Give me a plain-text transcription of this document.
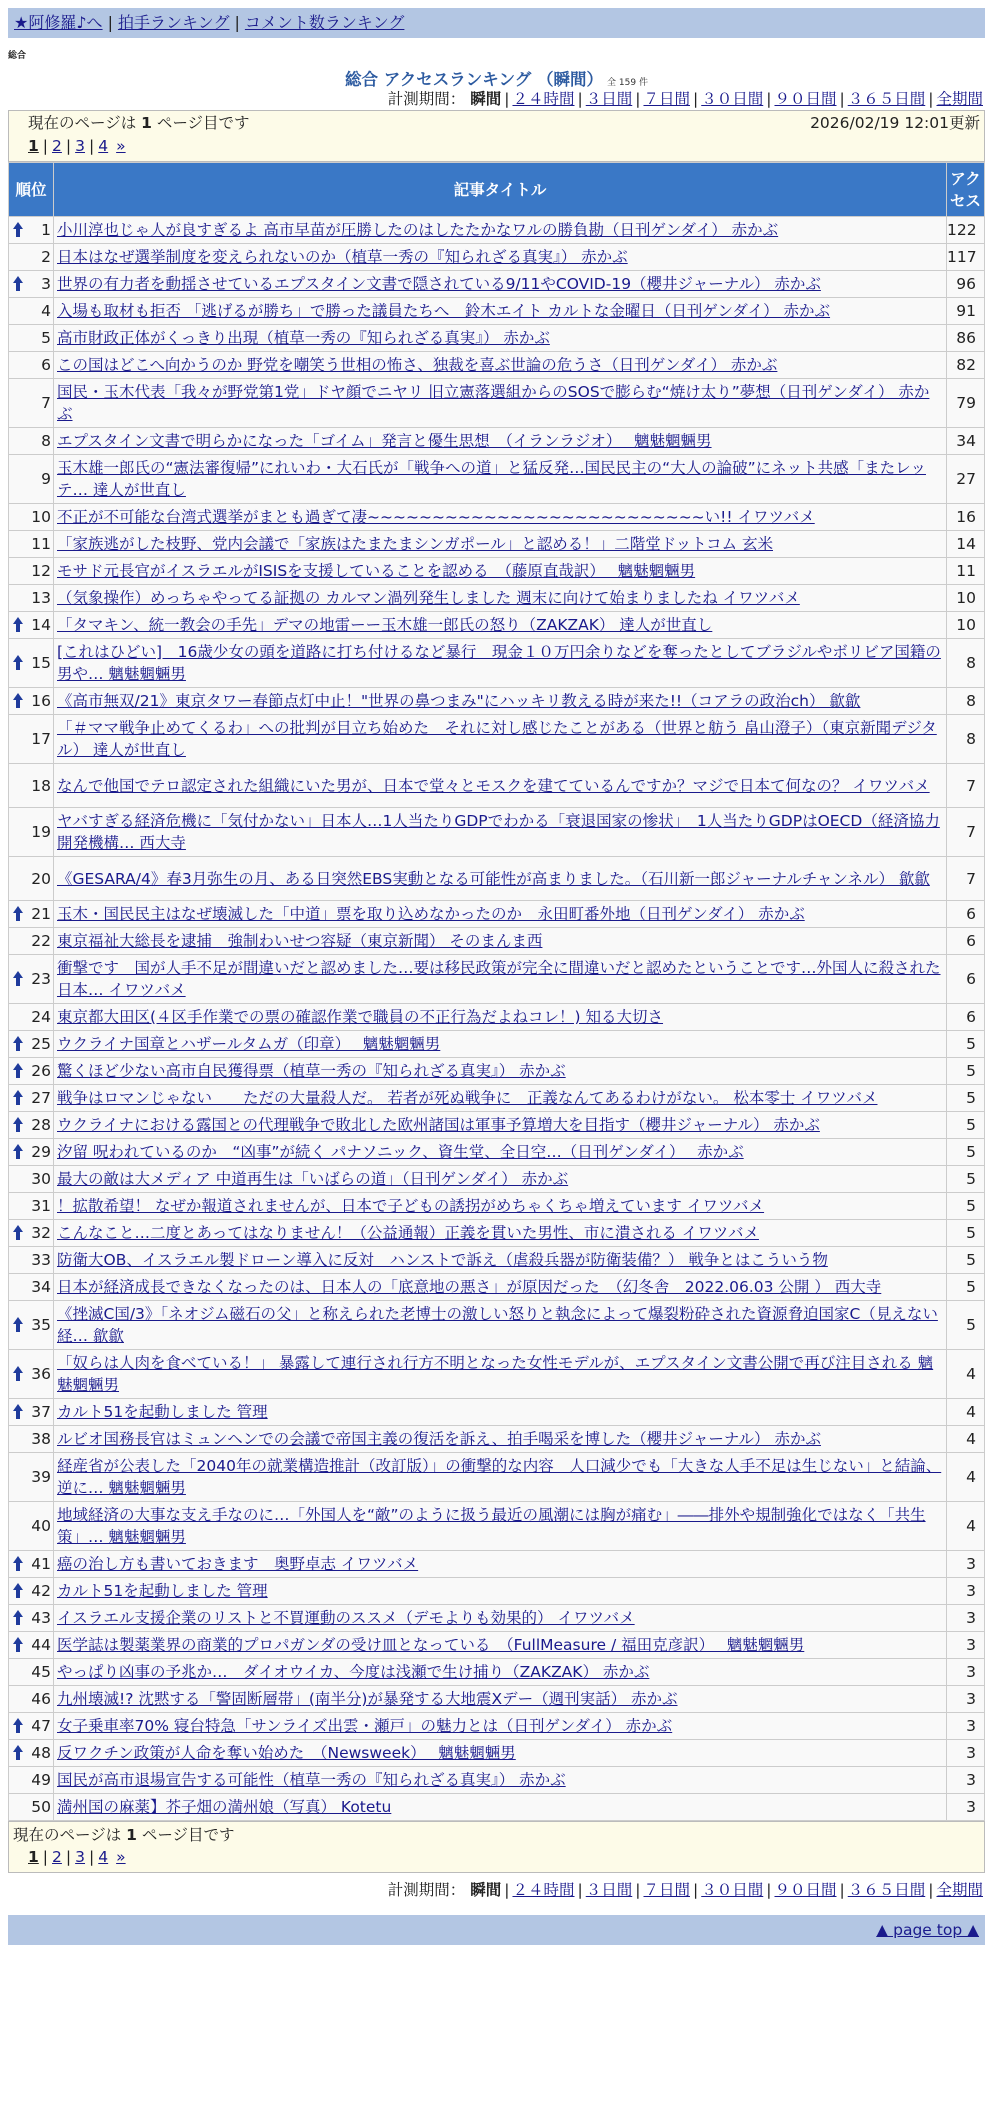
★阿修羅♪へ | 拍手ランキング | コメント数ランキング
総合
総合 アクセスランキング （瞬間） 全 159 件
計測期間： 瞬間 | ２４時間 | ３日間 | ７日間 | ３０日間 | ９０日間 | ３６５日間 | 全期間
現在のページは 1 ページ目です	2026/02/19 12:01更新
1 | 2 | 3 | 4 »
順位	記事タイトル	アクセス

1	小川淳也じゃ人が良すぎるよ 高市早苗が圧勝したのはしたたかなワルの勝負勘（日刊ゲンダイ） 赤かぶ	122
2	日本はなぜ選挙制度を変えられないのか（植草一秀の『知られざる真実』） 赤かぶ	117

3	世界の有力者を動揺させているエプスタイン文書で隠されている9/11やCOVID-19（櫻井ジャーナル） 赤かぶ	96
4	入場も取材も拒否 「逃げるが勝ち」で勝った議員たちへ　鈴木エイト カルトな金曜日（日刊ゲンダイ） 赤かぶ	91
5	高市財政正体がくっきり出現（植草一秀の『知られざる真実』） 赤かぶ	86
6	この国はどこへ向かうのか 野党を嘲笑う世相の怖さ、独裁を喜ぶ世論の危うさ（日刊ゲンダイ） 赤かぶ	82
7	国民・玉木代表「我々が野党第1党」ドヤ顔でニヤリ 旧立憲落選組からのSOSで膨らむ“焼け太り”夢想（日刊ゲンダイ） 赤かぶ	79
8	エプスタイン文書で明らかになった「ゴイム」発言と優生思想　（イランラジオ）　 魑魅魍魎男	34
9	玉木雄一郎氏の“憲法審復帰”にれいわ・大石氏が「戦争への道」と猛反発…国民民主の“大人の論破”にネット共感「またレッテ… 達人が世直し	27
10	不正が不可能な台湾式選挙がまとも過ぎて凄~~~~~~~~~~~~~~~~~~~~~~~~~~い!! イワツバメ	16
11	「家族逃がした枝野、党内会議で「家族はたまたまシンガポール」と認める！」二階堂ドットコム 玄米	14
12	モサド元長官がイスラエルがISISを支援していることを認める　（藤原直哉訳）　 魑魅魍魎男	11
13	（気象操作）めっちゃやってる証拠の カルマン渦列発生しました 週末に向けて始まりましたね イワツバメ	10

14	「タマキン、統一教会の手先」デマの地雷ーー玉木雄一郎氏の怒り（ZAKZAK） 達人が世直し	10

15	[これはひどい]　16歳少女の頭を道路に打ち付けるなど暴行　現金１０万円余りなどを奪ったとしてブラジルやボリビア国籍の男や… 魑魅魍魎男	8

16	《高市無双/21》東京タワー春節点灯中止！"世界の鼻つまみ"にハッキリ教える時が来た!!（コアラの政治ch） 歙歙	8
17	「＃ママ戦争止めてくるわ」への批判が目立ち始めた　それに対し感じたことがある（世界と舫う 畠山澄子）（東京新聞デジタル） 達人が世直し	8
18	なんで他国でテロ認定された組織にいた男が、日本で堂々とモスクを建てているんですか？マジで日本て何なの？ イワツバメ	7
19	ヤバすぎる経済危機に「気付かない」日本人…1人当たりGDPでわかる「衰退国家の惨状」　1人当たりGDPはOECD（経済協力開発機構… 西大寺	7
20	《GESARA/4》春3月弥生の月、ある日突然EBS実動となる可能性が高まりました。（石川新一郎ジャーナルチャンネル） 歙歙	7

21	玉木・国民民主はなぜ壊滅した「中道」票を取り込めなかったのか　永田町番外地（日刊ゲンダイ） 赤かぶ	6
22	東京福祉大総長を逮捕　強制わいせつ容疑（東京新聞） そのまんま西	6

23	衝撃です　国が人手不足が間違いだと認めました…要は移民政策が完全に間違いだと認めたということです…外国人に殺された日本… イワツバメ	6
24	東京都大田区(４区手作業での票の確認作業で職員の不正行為だよねコレ！) 知る大切さ	6

25	ウクライナ国章とハザールタムガ（印章）　 魑魅魍魎男	5

26	驚くほど少ない高市自民獲得票（植草一秀の『知られざる真実』） 赤かぶ	5

27	戦争はロマンじゃない　　ただの大量殺人だ。 若者が死ぬ戦争に　正義なんてあるわけがない。 松本零士 イワツバメ	5

28	ウクライナにおける露国との代理戦争で敗北した欧州諸国は軍事予算増大を目指す（櫻井ジャーナル） 赤かぶ	5

29	汐留 呪われているのか　“凶事”が続く パナソニック、資生堂、全日空…（日刊ゲンダイ）　 赤かぶ	5
30	最大の敵は大メディア 中道再生は「いばらの道」（日刊ゲンダイ） 赤かぶ	5
31	！拡散希望！ なぜか報道されませんが、日本で子どもの誘拐がめちゃくちゃ増えています イワツバメ	5

32	こんなこと…二度とあってはなりません！（公益通報）正義を貫いた男性、市に潰される イワツバメ	5
33	防衛大OB、イスラエル製ドローン導入に反対　ハンストで訴え（虐殺兵器が防衛装備？） 戦争とはこういう物	5
34	日本が経済成長できなくなったのは、日本人の「底意地の悪さ」が原因だった　（幻冬舎　2022.06.03 公開 ） 西大寺	5

35	《挫滅C国/3》「ネオジム磁石の父」と称えられた老博士の激しい怒りと執念によって爆裂粉砕された資源脅迫国家C（見えない経… 歙歙	5

36	「奴らは人肉を食べている！」 暴露して連行され行方不明となった女性モデルが、エプスタイン文書公開で再び注目される 魑魅魍魎男	4

37	カルト51を起動しました 管理	4
38	ルビオ国務長官はミュンヘンでの会議で帝国主義の復活を訴え、拍手喝采を博した（櫻井ジャーナル） 赤かぶ	4
39	経産省が公表した「2040年の就業構造推計（改訂版）」の衝撃的な内容　人口減少でも「大きな人手不足は生じない」と結論、逆に… 魑魅魍魎男	4
40	地域経済の大事な支え手なのに…「外国人を“敵”のように扱う最近の風潮には胸が痛む」――排外や規制強化ではなく「共生策」… 魑魅魍魎男	4

41	癌の治し方も書いておきます　奥野卓志 イワツバメ	3

42	カルト51を起動しました 管理	3

43	イスラエル支援企業のリストと不買運動のススメ（デモよりも効果的） イワツバメ	3

44	医学誌は製薬業界の商業的プロパガンダの受け皿となっている　（FullMeasure / 福田克彦訳）　 魑魅魍魎男	3
45	やっぱり凶事の予兆か…　ダイオウイカ、今度は浅瀬で生け捕り（ZAKZAK） 赤かぶ	3
46	九州壊滅!? 沈黙する「警固断層帯」(南半分)が暴発する大地震Xデー（週刊実話） 赤かぶ	3

47	女子乗車率70% 寝台特急「サンライズ出雲・瀬戸」の魅力とは（日刊ゲンダイ） 赤かぶ	3

48	反ワクチン政策が人命を奪い始めた　（Newsweek）　 魑魅魍魎男	3
49	国民が高市退場宣告する可能性（植草一秀の『知られざる真実』） 赤かぶ	3
50	満州国の麻薬】芥子畑の満州娘（写真） Kotetu	3
現在のページは 1 ページ目です
1 | 2 | 3 | 4 »
計測期間： 瞬間 | ２４時間 | ３日間 | ７日間 | ３０日間 | ９０日間 | ３６５日間 | 全期間
▲ page top ▲
